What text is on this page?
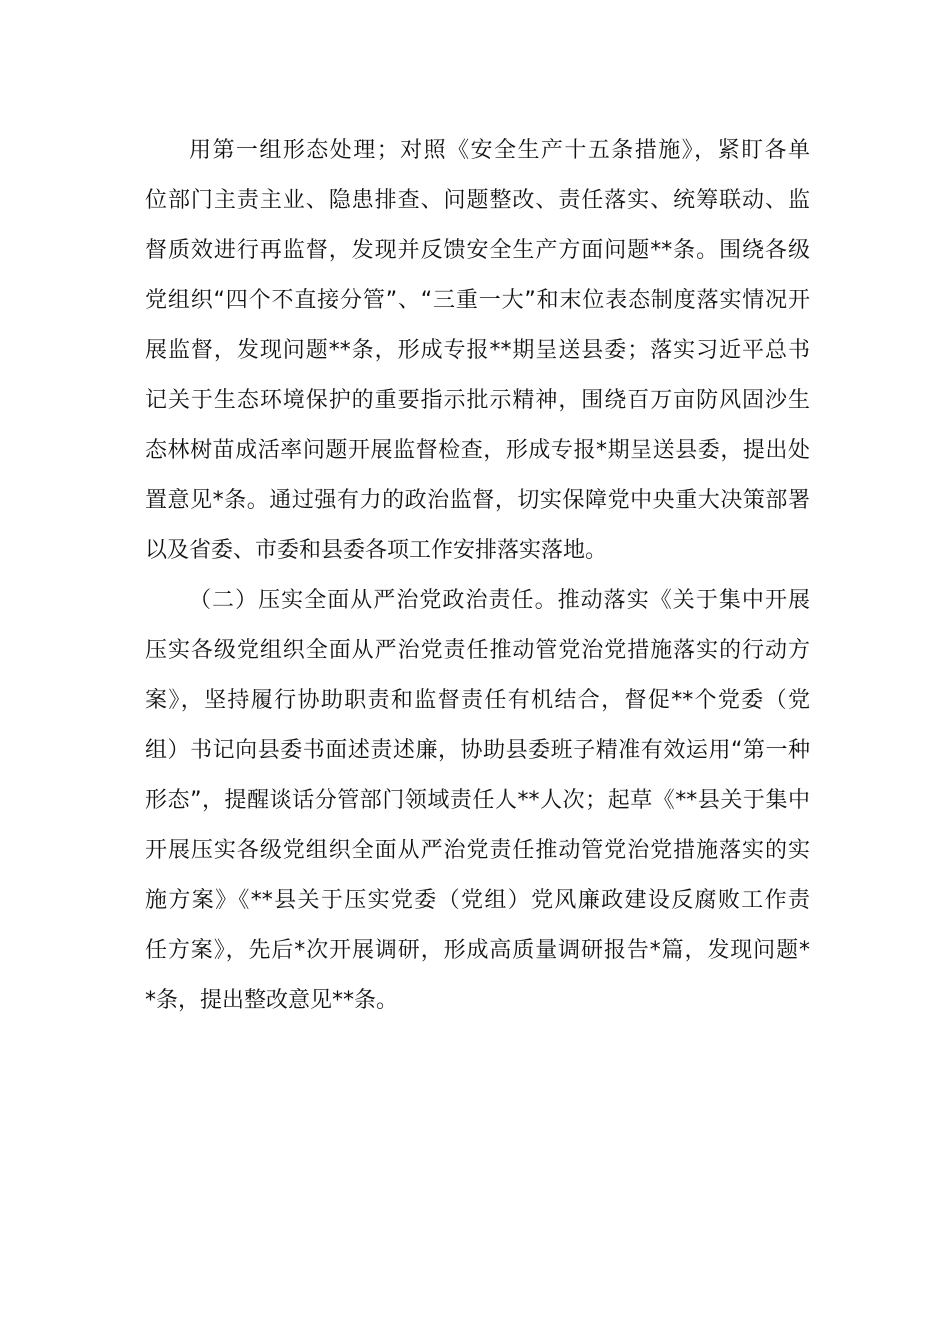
用第一组形态处理；对照《安全生产十五条措施》，紧盯各单
位部门主责主业、隐患排查、问题整改、责任落实、统筹联动、监
督质效进行再监督，发现并反馈安全生产方面问题**条。围绕各级
党组织“四个不直接分管”、“三重一大”和末位表态制度落实情况开
展监督，发现问题**条，形成专报**期呈送县委；落实习近平总书
记关于生态环境保护的重要指示批示精神，围绕百万亩防风固沙生
态林树苗成活率问题开展监督检查，形成专报*期呈送县委，提出处
置意见*条。通过强有力的政治监督，切实保障党中央重大决策部署
以及省委、市委和县委各项工作安排落实落地。
（二）压实全面从严治党政治责任。推动落实《关于集中开展
压实各级党组织全面从严治党责任推动管党治党措施落实的行动方
案》，坚持履行协助职责和监督责任有机结合，督促**个党委（党
组）书记向县委书面述责述廉，协助县委班子精准有效运用“第一种
形态”，提醒谈话分管部门领域责任人**人次；起草《**县关于集中
开展压实各级党组织全面从严治党责任推动管党治党措施落实的实
施方案》《**县关于压实党委（党组）党风廉政建设反腐败工作责
任方案》，先后*次开展调研，形成高质量调研报告*篇，发现问题*
*条，提出整改意见**条。
